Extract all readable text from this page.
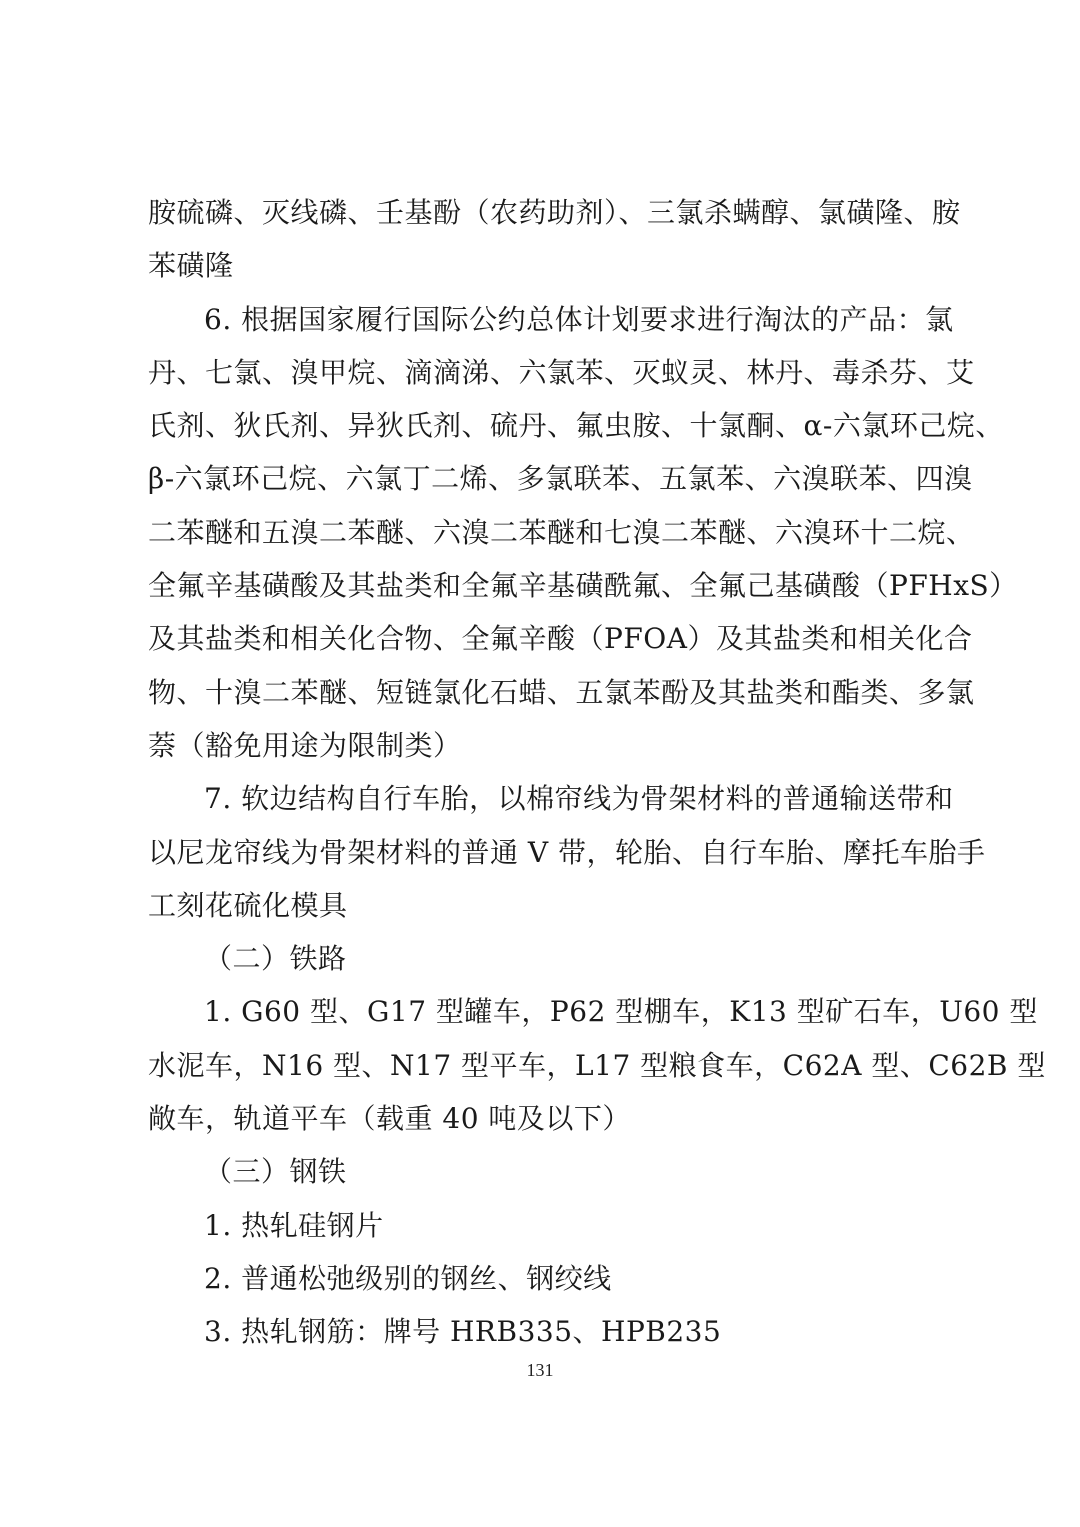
胺硫磷、灭线磷、壬基酚（农药助剂）、三氯杀螨醇、氯磺隆、胺
苯磺隆
6. 根据国家履行国际公约总体计划要求进行淘汰的产品：氯
丹、七氯、溴甲烷、滴滴涕、六氯苯、灭蚁灵、林丹、毒杀芬、艾
氏剂、狄氏剂、异狄氏剂、硫丹、氟虫胺、十氯酮、α-六氯环己烷、
β-六氯环己烷、六氯丁二烯、多氯联苯、五氯苯、六溴联苯、四溴
二苯醚和五溴二苯醚、六溴二苯醚和七溴二苯醚、六溴环十二烷、
全氟辛基磺酸及其盐类和全氟辛基磺酰氟、全氟己基磺酸（PFHxS）
及其盐类和相关化合物、全氟辛酸（PFOA）及其盐类和相关化合
物、十溴二苯醚、短链氯化石蜡、五氯苯酚及其盐类和酯类、多氯
萘（豁免用途为限制类）
7. 软边结构自行车胎，以棉帘线为骨架材料的普通输送带和
以尼龙帘线为骨架材料的普通 V 带，轮胎、自行车胎、摩托车胎手
工刻花硫化模具
（二）铁路
1. G60 型、G17 型罐车，P62 型棚车，K13 型矿石车，U60 型
水泥车，N16 型、N17 型平车，L17 型粮食车，C62A 型、C62B 型
敞车，轨道平车（载重 40 吨及以下）
（三）钢铁
1. 热轧硅钢片
2. 普通松弛级别的钢丝、钢绞线
3. 热轧钢筋：牌号 HRB335、HPB235
131
